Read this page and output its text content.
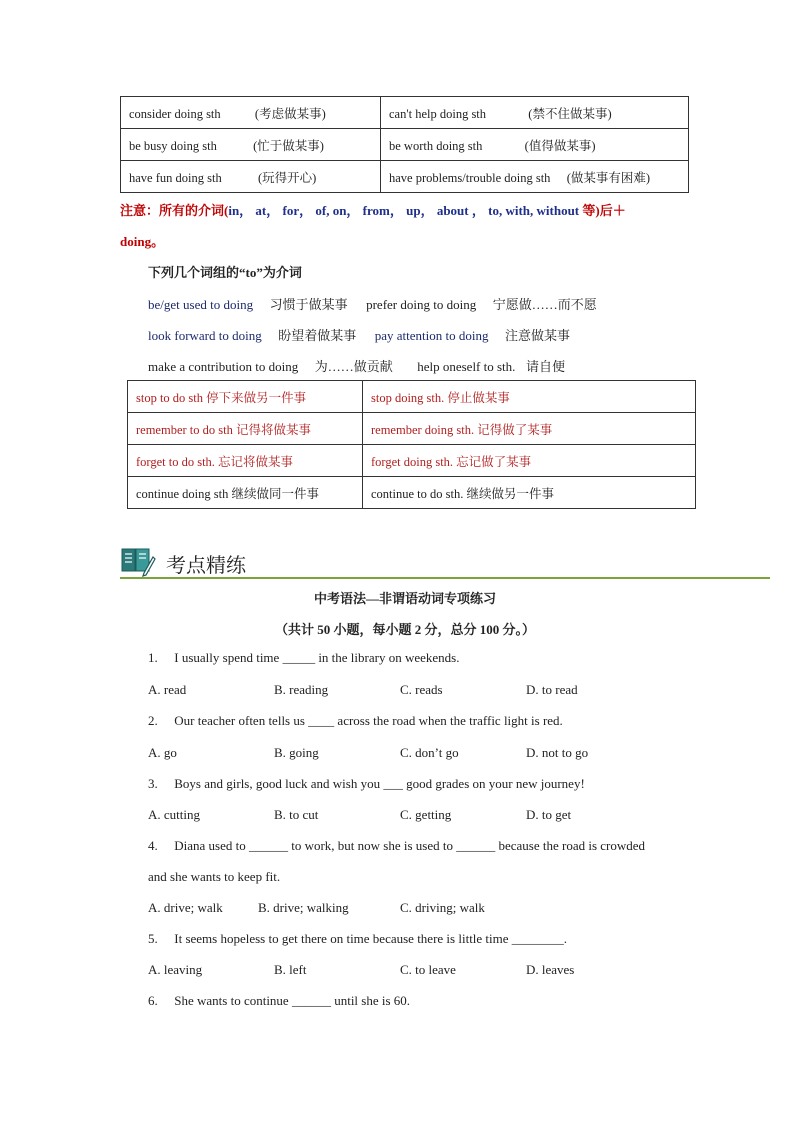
consider doing sth (考虑做某事)	can't help doing sth (禁不住做某事)
be busy doing sth (忙于做某事)	be worth doing sth (值得做某事)
have fun doing sth (玩得开心)	have problems/trouble doing sth (做某事有困难)
注意：所有的介词(in， at， for， of, on， from， up， about ， to, with, without 等)后＋
doing。
下列几个词组的“to”为介词
be/get used to doing 习惯于做某事 prefer doing to doing 宁愿做……而不愿
look forward to doing 盼望着做某事 pay attention to doing 注意做某事
make a contribution to doing 为……做贡献 help oneself to sth. 请自便
stop to do sth 停下来做另一件事	stop doing sth. 停止做某事
remember to do sth 记得将做某事	remember doing sth. 记得做了某事
forget to do sth. 忘记将做某事	forget doing sth. 忘记做了某事
continue doing sth 继续做同一件事	continue to do sth. 继续做另一件事
考点精练
中考语法—非谓语动词专项练习
（共计 50 小题，每小题 2 分，总分 100 分。）
1. I usually spend time _____ in the library on weekends.
A. read	B. reading	C. reads	D. to read
2. Our teacher often tells us ____ across the road when the traffic light is red.
A. go	B. going	C. don’t go	D. not to go
3. Boys and girls, good luck and wish you ___ good grades on your new journey!
A. cutting	B. to cut	C. getting	D. to get
4. Diana used to ______ to work, but now she is used to ______ because the road is crowded
and she wants to keep fit.
A. drive; walk	B. drive; walking	C. driving; walk
5. It seems hopeless to get there on time because there is little time ________.
A. leaving	B. left	C. to leave	D. leaves
6. She wants to continue ______ until she is 60.
